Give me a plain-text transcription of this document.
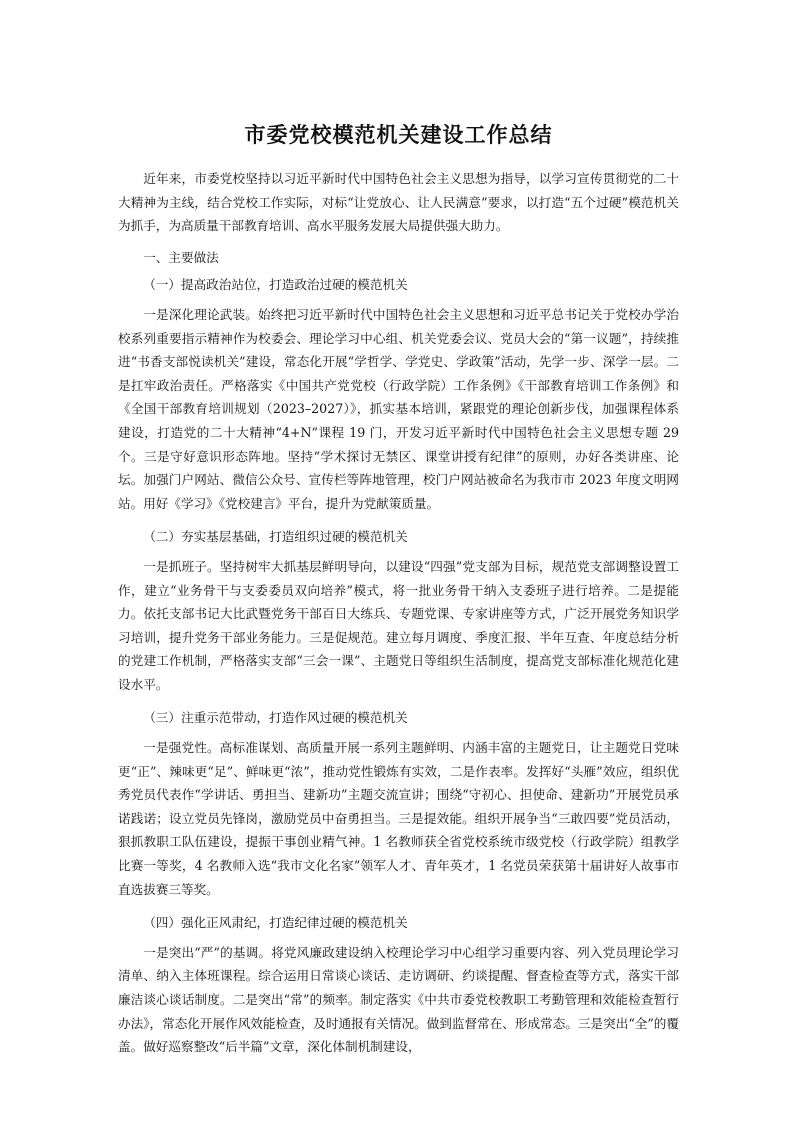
市委党校模范机关建设工作总结

近年来，市委党校坚持以习近平新时代中国特色社会主义思想为指导，以学习宣传贯彻党的二十大精神为主线，结合党校工作实际，对标“让党放心、让人民满意”要求，以打造“五个过硬”模范机关为抓手，为高质量干部教育培训、高水平服务发展大局提供强大助力。

一、主要做法

（一）提高政治站位，打造政治过硬的模范机关

一是深化理论武装。始终把习近平新时代中国特色社会主义思想和习近平总书记关于党校办学治校系列重要指示精神作为校委会、理论学习中心组、机关党委会议、党员大会的“第一议题”，持续推进“书香支部悦读机关”建设，常态化开展“学哲学、学党史、学政策”活动，先学一步、深学一层。二是扛牢政治责任。严格落实《中国共产党党校（行政学院）工作条例》《干部教育培训工作条例》和《全国干部教育培训规划（2023–2027）》，抓实基本培训，紧跟党的理论创新步伐，加强课程体系建设，打造党的二十大精神“4+N”课程 19 门，开发习近平新时代中国特色社会主义思想专题 29 个。三是守好意识形态阵地。坚持“学术探讨无禁区、课堂讲授有纪律”的原则，办好各类讲座、论坛。加强门户网站、微信公众号、宣传栏等阵地管理，校门户网站被命名为我市市 2023 年度文明网站。用好《学习》《党校建言》平台，提升为党献策质量。

（二）夯实基层基础，打造组织过硬的模范机关

一是抓班子。坚持树牢大抓基层鲜明导向，以建设“四强”党支部为目标，规范党支部调整设置工作，建立“业务骨干与支委委员双向培养”模式，将一批业务骨干纳入支委班子进行培养。二是提能力。依托支部书记大比武暨党务干部百日大练兵、专题党课、专家讲座等方式，广泛开展党务知识学习培训，提升党务干部业务能力。三是促规范。建立每月调度、季度汇报、半年互查、年度总结分析的党建工作机制，严格落实支部“三会一课”、主题党日等组织生活制度，提高党支部标准化规范化建设水平。

（三）注重示范带动，打造作风过硬的模范机关

一是强党性。高标准谋划、高质量开展一系列主题鲜明、内涵丰富的主题党日，让主题党日党味更“正”、辣味更“足”、鲜味更“浓”，推动党性锻炼有实效，二是作表率。发挥好“头雁”效应，组织优秀党员代表作“学讲话、勇担当、建新功”主题交流宣讲；围绕“守初心、担使命、建新功”开展党员承诺践诺；设立党员先锋岗，激励党员中奋勇担当。三是提效能。组织开展争当“三敢四要”党员活动，狠抓教职工队伍建设，提振干事创业精气神。1 名教师获全省党校系统市级党校（行政学院）组教学比赛一等奖，4 名教师入选“我市文化名家”领军人才、青年英才，1 名党员荣获第十届讲好人故事市直选拔赛三等奖。

（四）强化正风肃纪，打造纪律过硬的模范机关

一是突出“严”的基调。将党风廉政建设纳入校理论学习中心组学习重要内容、列入党员理论学习清单、纳入主体班课程。综合运用日常谈心谈话、走访调研、约谈提醒、督查检查等方式，落实干部廉洁谈心谈话制度。二是突出“常”的频率。制定落实《中共市委党校教职工考勤管理和效能检查暂行办法》，常态化开展作风效能检查，及时通报有关情况。做到监督常在、形成常态。三是突出“全”的覆盖。做好巡察整改“后半篇”文章，深化体制机制建设，
